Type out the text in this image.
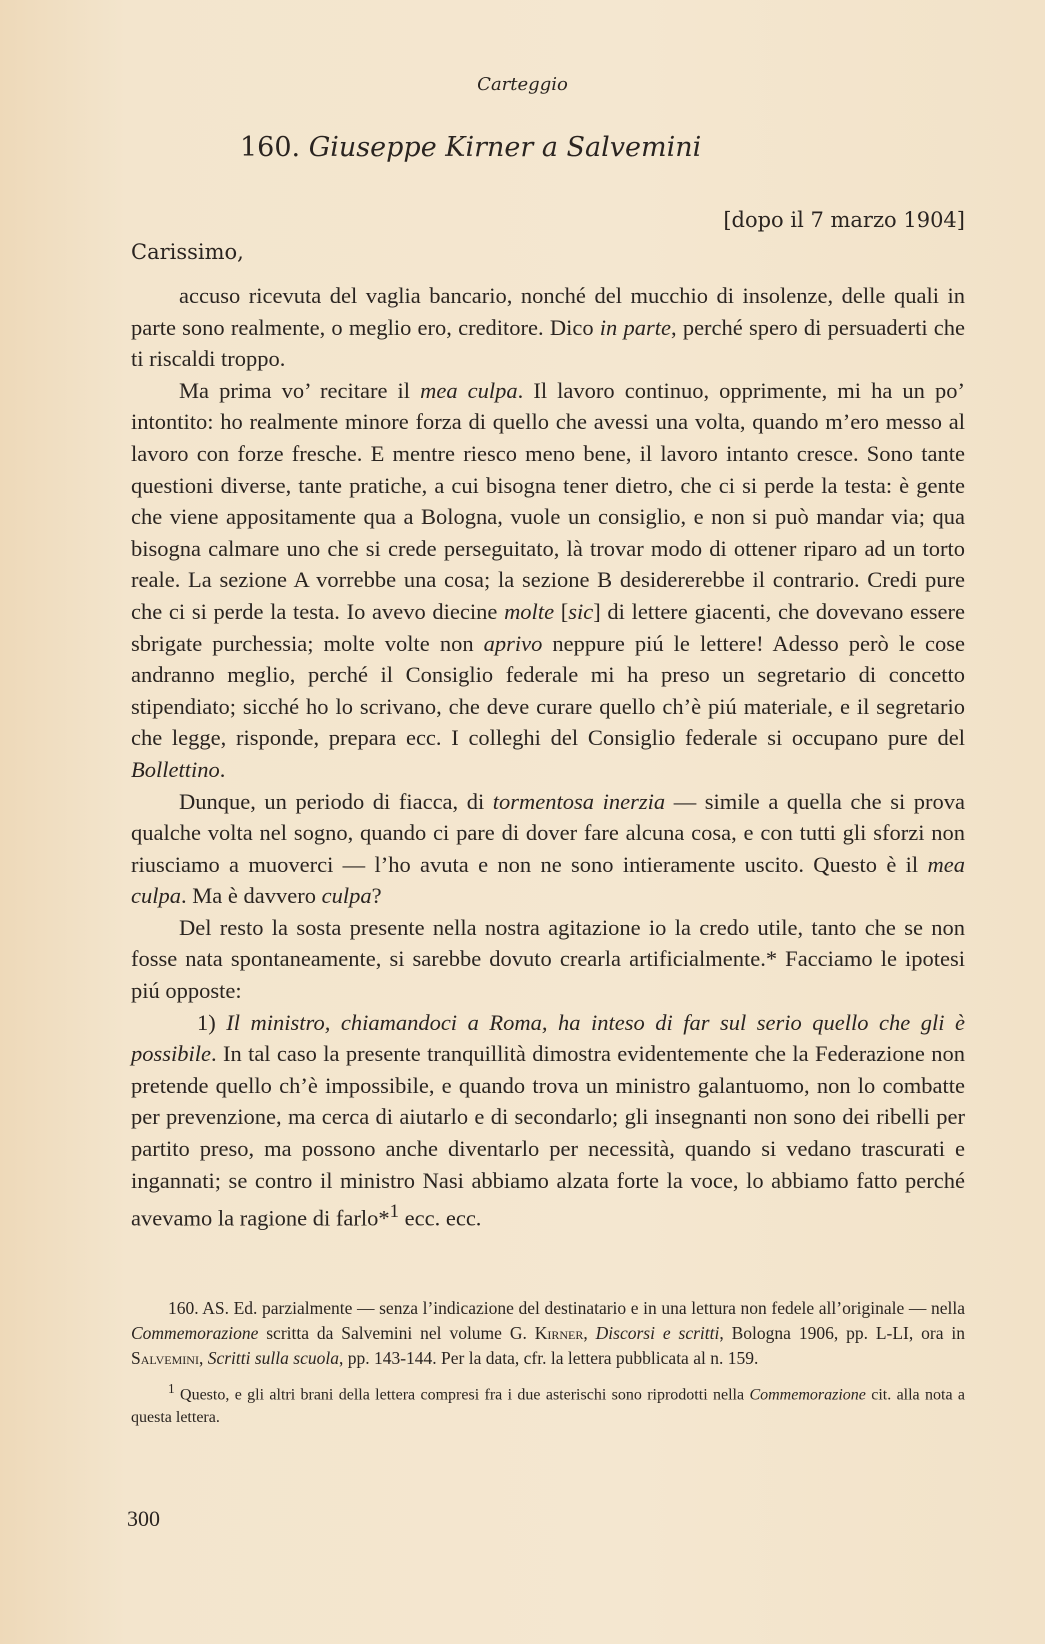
Carteggio
160. Giuseppe Kirner a Salvemini
[dopo il 7 marzo 1904]
Carissimo,

accuso ricevuta del vaglia bancario, nonché del mucchio di insolenze, delle quali in parte sono realmente, o meglio ero, creditore. Dico in parte, perché spero di persuaderti che ti riscaldi troppo.

Ma prima vo’ recitare il mea culpa. Il lavoro continuo, opprimente, mi ha un po’ intontito: ho realmente minore forza di quello che avessi una volta, quando m’ero messo al lavoro con forze fresche. E mentre riesco meno bene, il lavoro intanto cresce. Sono tante questioni diverse, tante pratiche, a cui bisogna tener dietro, che ci si perde la testa: è gente che viene appositamente qua a Bologna, vuole un consiglio, e non si può mandar via; qua bisogna calmare uno che si crede perseguitato, là trovar modo di ottener riparo ad un torto reale. La sezione A vorrebbe una cosa; la sezione B desidererebbe il contrario. Credi pure che ci si perde la testa. Io avevo diecine molte [sic] di lettere giacenti, che dovevano essere sbrigate purchessia; molte volte non aprivo neppure piú le lettere! Adesso però le cose andranno meglio, perché il Consiglio federale mi ha preso un segretario di concetto stipendiato; sicché ho lo scrivano, che deve curare quello ch’è piú materiale, e il segretario che legge, risponde, prepara ecc. I colleghi del Consiglio federale si occupano pure del Bollettino.

Dunque, un periodo di fiacca, di tormentosa inerzia — simile a quella che si prova qualche volta nel sogno, quando ci pare di dover fare alcuna cosa, e con tutti gli sforzi non riusciamo a muoverci — l’ho avuta e non ne sono intieramente uscito. Questo è il mea culpa. Ma è davvero culpa?

Del resto la sosta presente nella nostra agitazione io la credo utile, tanto che se non fosse nata spontaneamente, si sarebbe dovuto crearla artificialmente.* Facciamo le ipotesi piú opposte:

1) Il ministro, chiamandoci a Roma, ha inteso di far sul serio quello che gli è possibile. In tal caso la presente tranquillità dimostra evidentemente che la Federazione non pretende quello ch’è impossibile, e quando trova un ministro galantuomo, non lo combatte per prevenzione, ma cerca di aiutarlo e di secondarlo; gli insegnanti non sono dei ribelli per partito preso, ma possono anche diventarlo per necessità, quando si vedano trascurati e ingannati; se contro il ministro Nasi abbiamo alzata forte la voce, lo abbiamo fatto perché avevamo la ragione di farlo*$^1$ ecc. ecc.

160. AS. Ed. parzialmente — senza l’indicazione del destinatario e in una lettura non fedele all’originale — nella Commemorazione scritta da Salvemini nel volume G. Kirner, Discorsi e scritti, Bologna 1906, pp. L-LI, ora in Salvemini, Scritti sulla scuola, pp. 143-144. Per la data, cfr. la lettera pubblicata al n. 159.

$^1$ Questo, e gli altri brani della lettera compresi fra i due asterischi sono riprodotti nella Commemorazione cit. alla nota a questa lettera.

300
